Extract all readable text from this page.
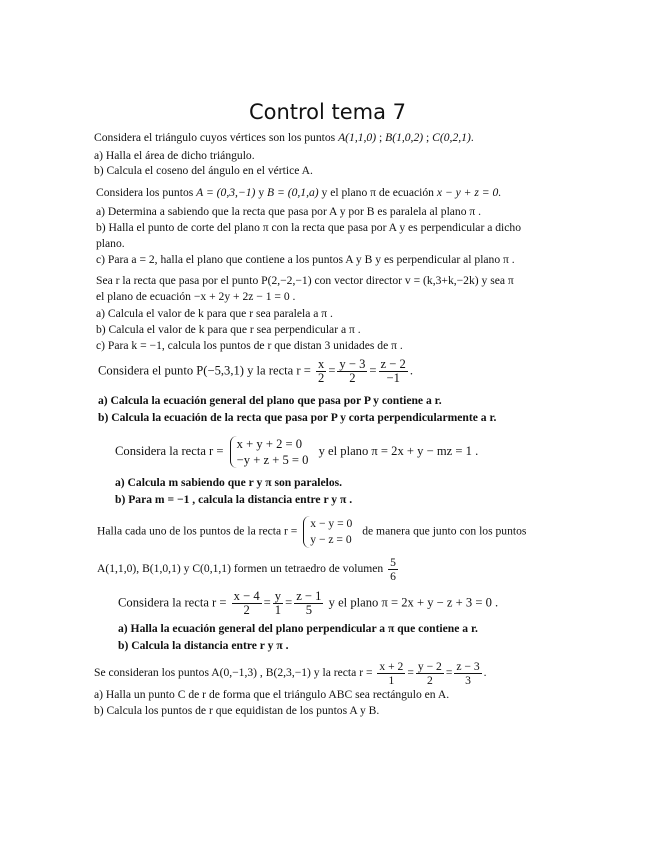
Control tema 7
Considera el triángulo cuyos vértices son los puntos A(1,1,0) ; B(1,0,2) ; C(0,2,1).
a) Halla el área de dicho triángulo.
b) Calcula el coseno del ángulo en el vértice A.
Considera los puntos A = (0,3,−1) y B = (0,1,a) y el plano π de ecuación x − y + z = 0.
a) Determina a sabiendo que la recta que pasa por A y por B es paralela al plano π .
b) Halla el punto de corte del plano π con la recta que pasa por A y es perpendicular a dicho
plano.
c) Para a = 2, halla el plano que contiene a los puntos A y B y es perpendicular al plano π .
Sea r la recta que pasa por el punto P(2,−2,−1) con vector director v = (k,3+k,−2k) y sea π
el plano de ecuación −x + 2y + 2z − 1 = 0 .
a) Calcula el valor de k para que r sea paralela a π .
b) Calcula el valor de k para que r sea perpendicular a π .
c) Para k = −1, calcula los puntos de r que distan 3 unidades de π .
Considera el punto P(−5,3,1) y la recta $r = \frac{x}{2} = \frac{y - 3}{2} = \frac{z - 2}{-1}$ .
a) Calcula la ecuación general del plano que pasa por P y contiene a r.
b) Calcula la ecuación de la recta que pasa por P y corta perpendicularmente a r.
Considera la recta r = x + y + 2 = 0
−y + z + 5 = 0
y el plano π = 2x + y − mz = 1 .
a) Calcula m sabiendo que r y π son paralelos.
b) Para m = −1 , calcula la distancia entre r y π .
Halla cada uno de los puntos de la recta r =
x − y = 0
y − z = 0
de manera que junto con los puntos
A(1,1,0), B(1,0,1) y C(0,1,1) formen un tetraedro de volumen $\frac{5}{6}$
Considera la recta $r = \frac{x - 4}{2} = \frac{y}{1} = \frac{z - 1}{5}$ y el plano π = 2x + y − z + 3 = 0 .
a) Halla la ecuación general del plano perpendicular a π que contiene a r.
b) Calcula la distancia entre r y π .
Se consideran los puntos A(0,−1,3) , B(2,3,−1) y la recta $r = \frac{x + 2}{1} = \frac{y - 2}{2} = \frac{z - 3}{3}$ .
a) Halla un punto C de r de forma que el triángulo ABC sea rectángulo en A.
b) Calcula los puntos de r que equidistan de los puntos A y B.
